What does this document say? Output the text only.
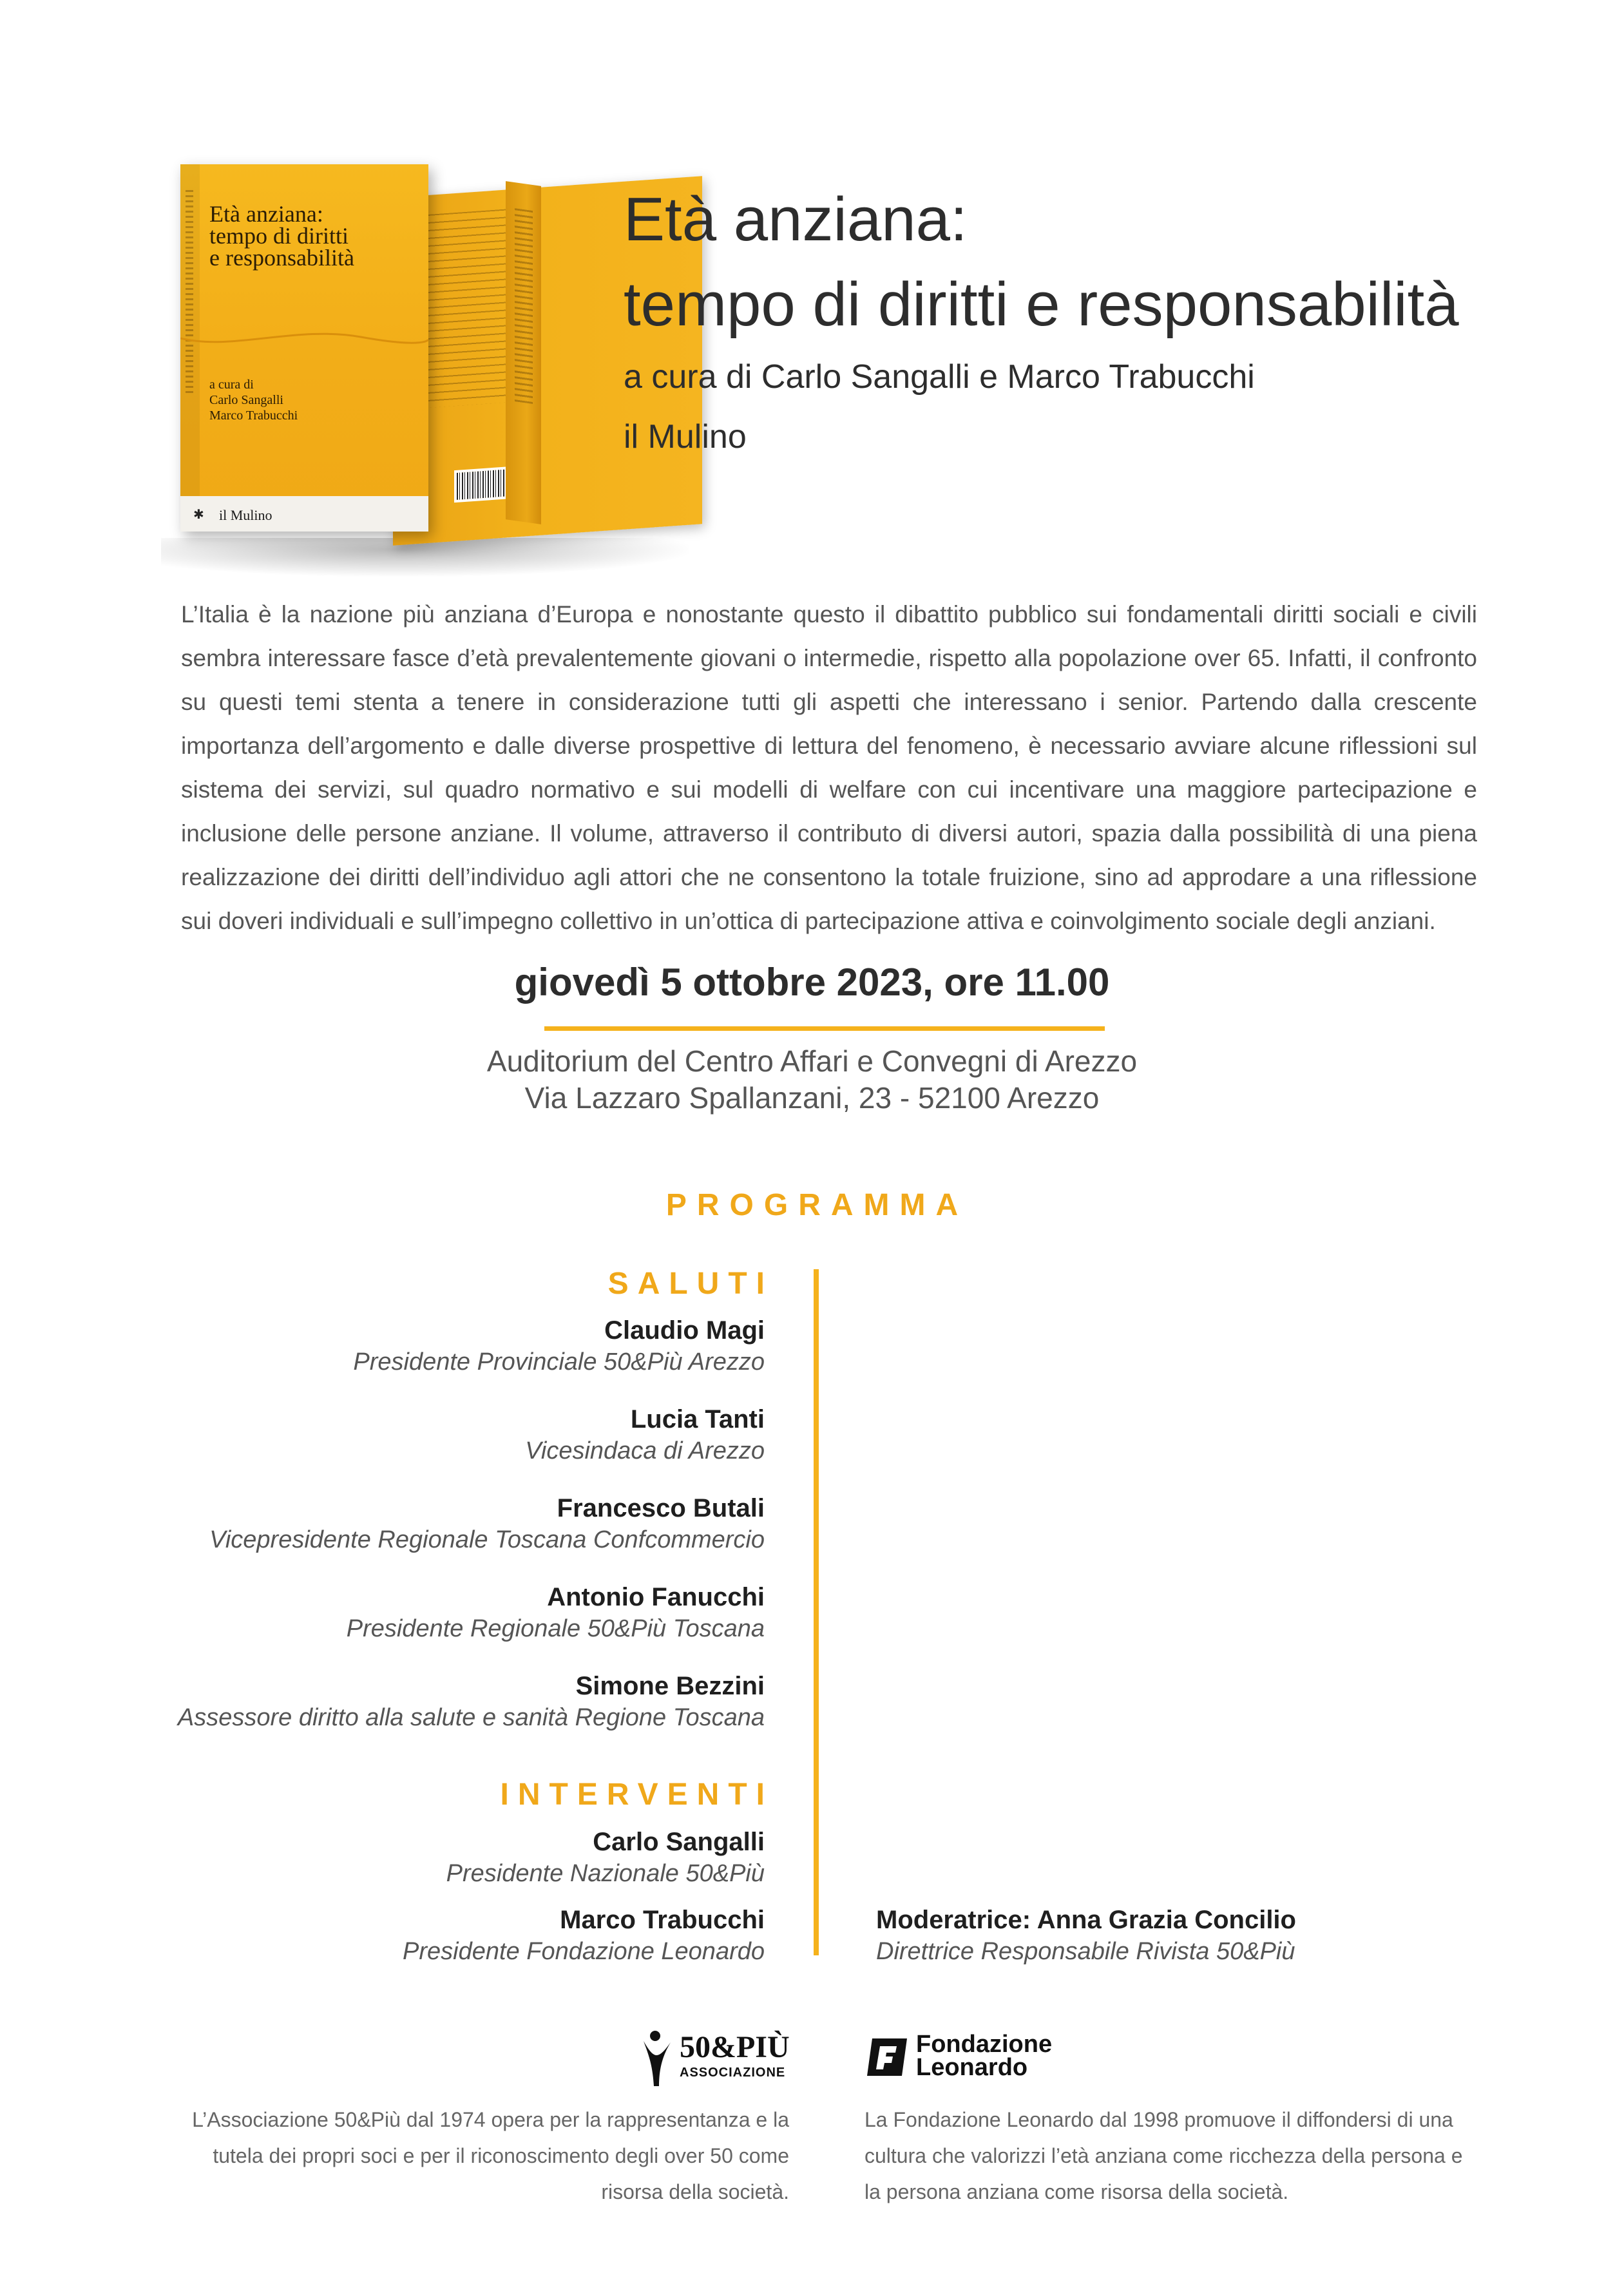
Età anziana:
tempo di diritti
e responsabilità
a cura di
Carlo Sangalli
Marco Trabucchi
✱	il Mulino
Età anziana:
tempo di diritti e responsabilità
a cura di Carlo Sangalli e Marco Trabucchi
il Mulino

L’Italia è la nazione più anziana d’Europa e nonostante questo il dibattito pubblico sui fondamentali diritti sociali e civili sembra interessare fasce d’età prevalentemente giovani o intermedie, rispetto alla popolazione over 65. Infatti, il confronto su questi temi stenta a tenere in considerazione tutti gli aspetti che interessano i senior. Partendo dalla crescente importanza dell’argomento e dalle diverse prospettive di lettura del fenomeno, è necessario avviare alcune riflessioni sul sistema dei servizi, sul quadro normativo e sui modelli di welfare con cui incentivare una maggiore partecipazione e inclusione delle persone anziane. Il volume, attraverso il contributo di diversi autori, spazia dalla possibilità di una piena realizzazione dei diritti dell’individuo agli attori che ne consentono la totale fruizione, sino ad approdare a una riflessione sui doveri individuali e sull’impegno collettivo in un’ottica di partecipazione attiva e coinvolgimento sociale degli anziani.

giovedì 5 ottobre 2023, ore 11.00
Auditorium del Centro Affari e Convegni di Arezzo
Via Lazzaro Spallanzani, 23 - 52100 Arezzo
PROGRAMMA
SALUTI
Claudio Magi
Presidente Provinciale 50&Più Arezzo
Lucia Tanti
Vicesindaca di Arezzo
Francesco Butali
Vicepresidente Regionale Toscana Confcommercio
Antonio Fanucchi
Presidente Regionale 50&Più Toscana
Simone Bezzini
Assessore diritto alla salute e sanità Regione Toscana
INTERVENTI
Carlo Sangalli
Presidente Nazionale 50&Più
Marco Trabucchi
Presidente Fondazione Leonardo
Moderatrice: Anna Grazia Concilio
Direttrice Responsabile Rivista 50&Più
50&PIÙ
ASSOCIAZIONE

L’Associazione 50&Più dal 1974 opera per la rappresentanza e la tutela dei propri soci e per il riconoscimento degli over 50 come risorsa della società.

Fondazione
Leonardo

La Fondazione Leonardo dal 1998 promuove il diffondersi di una cultura che valorizzi l’età anziana come ricchezza della persona e la persona anziana come risorsa della società.
